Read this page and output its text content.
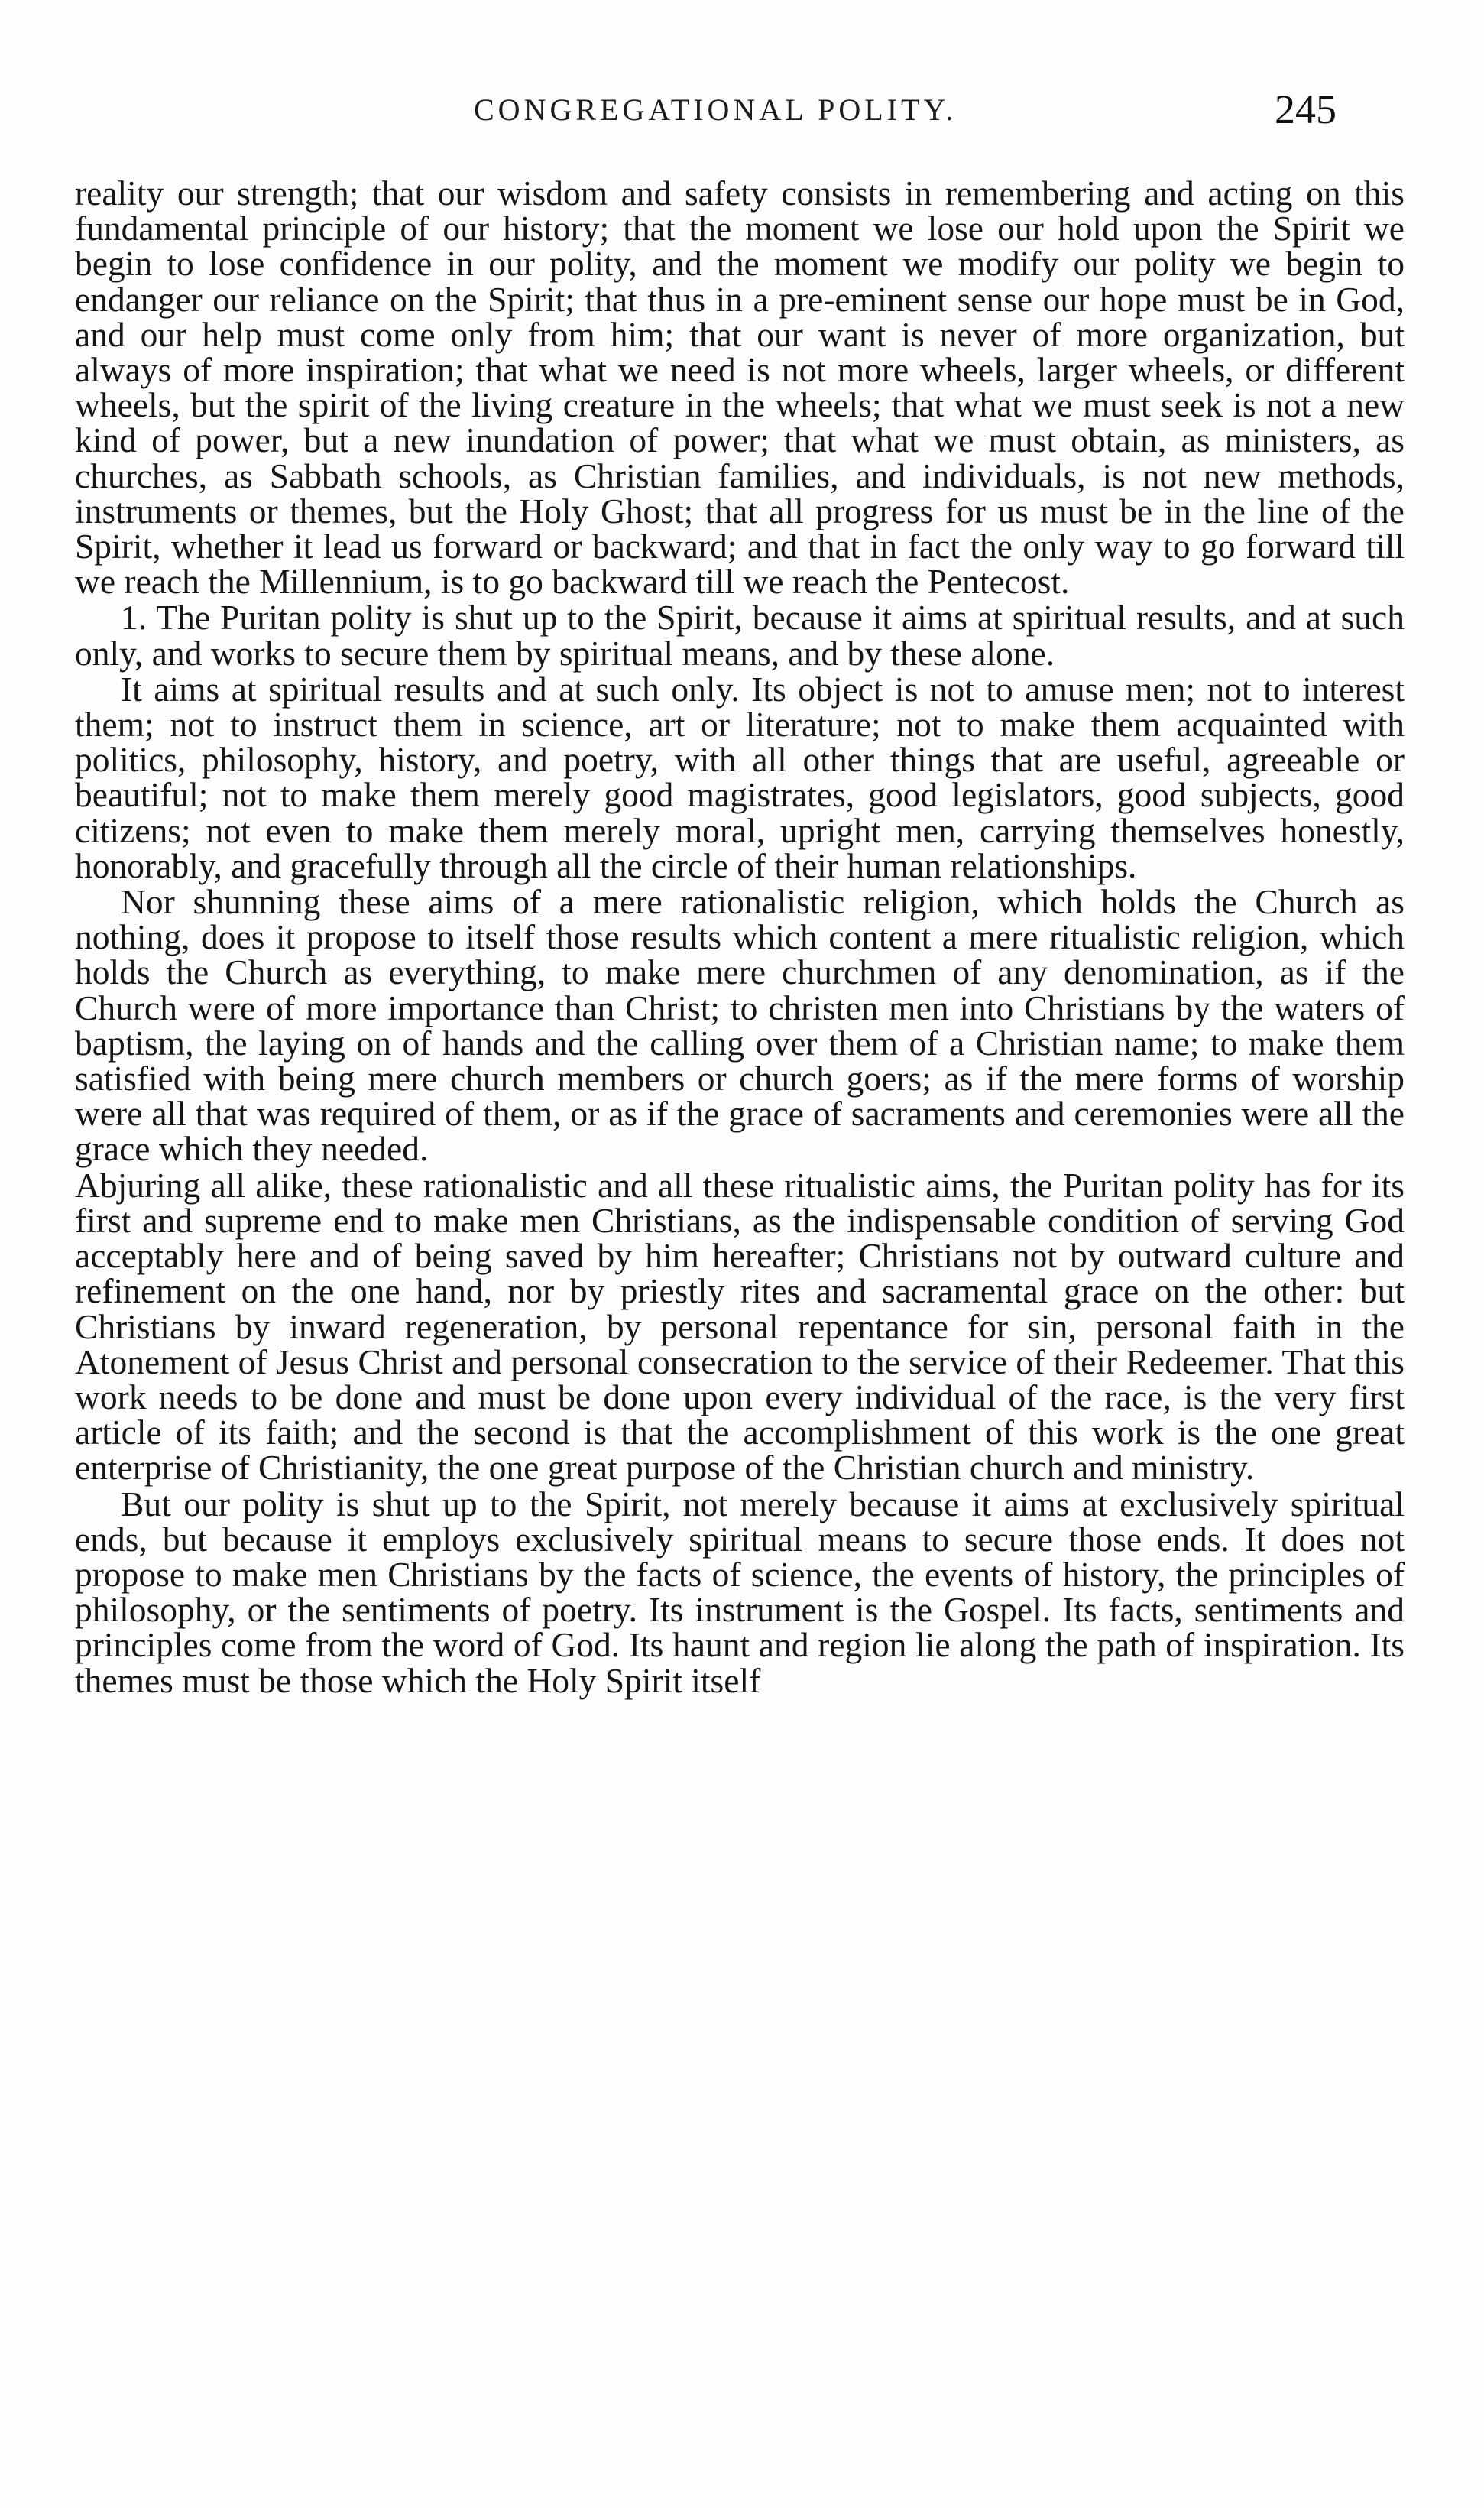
CONGREGATIONAL POLITY.	245

reality our strength; that our wisdom and safety consists in remembering and acting on this fundamental principle of our history; that the moment we lose our hold upon the Spirit we begin to lose confidence in our polity, and the moment we modify our polity we begin to endanger our reliance on the Spirit; that thus in a pre-eminent sense our hope must be in God, and our help must come only from him; that our want is never of more organization, but always of more inspiration; that what we need is not more wheels, larger wheels, or different wheels, but the spirit of the living creature in the wheels; that what we must seek is not a new kind of power, but a new inundation of power; that what we must obtain, as ministers, as churches, as Sabbath schools, as Christian families, and individuals, is not new methods, instruments or themes, but the Holy Ghost; that all progress for us must be in the line of the Spirit, whether it lead us forward or backward; and that in fact the only way to go forward till we reach the Millennium, is to go backward till we reach the Pentecost.

1. The Puritan polity is shut up to the Spirit, because it aims at spiritual results, and at such only, and works to secure them by spiritual means, and by these alone.

It aims at spiritual results and at such only. Its object is not to amuse men; not to interest them; not to instruct them in science, art or literature; not to make them acquainted with politics, philosophy, history, and poetry, with all other things that are useful, agreeable or beautiful; not to make them merely good magistrates, good legislators, good subjects, good citizens; not even to make them merely moral, upright men, carrying themselves honestly, honorably, and gracefully through all the circle of their human relationships.

Nor shunning these aims of a mere rationalistic religion, which holds the Church as nothing, does it propose to itself those results which content a mere ritualistic religion, which holds the Church as everything, to make mere churchmen of any denomination, as if the Church were of more importance than Christ; to christen men into Christians by the waters of baptism, the laying on of hands and the calling over them of a Christian name; to make them satisfied with being mere church members or church goers; as if the mere forms of worship were all that was required of them, or as if the grace of sacraments and ceremonies were all the grace which they needed.

Abjuring all alike, these rationalistic and all these ritualistic aims, the Puritan polity has for its first and supreme end to make men Christians, as the indispensable condition of serving God acceptably here and of being saved by him hereafter; Christians not by outward culture and refinement on the one hand, nor by priestly rites and sacramental grace on the other: but Christians by inward regeneration, by personal repentance for sin, personal faith in the Atonement of Jesus Christ and personal consecration to the service of their Redeemer. That this work needs to be done and must be done upon every individual of the race, is the very first article of its faith; and the second is that the accomplishment of this work is the one great enterprise of Christianity, the one great purpose of the Christian church and ministry.

But our polity is shut up to the Spirit, not merely because it aims at exclusively spiritual ends, but because it employs exclusively spiritual means to secure those ends. It does not propose to make men Christians by the facts of science, the events of history, the principles of philosophy, or the sentiments of poetry. Its instrument is the Gospel. Its facts, sentiments and principles come from the word of God. Its haunt and region lie along the path of inspiration. Its themes must be those which the Holy Spirit itself
